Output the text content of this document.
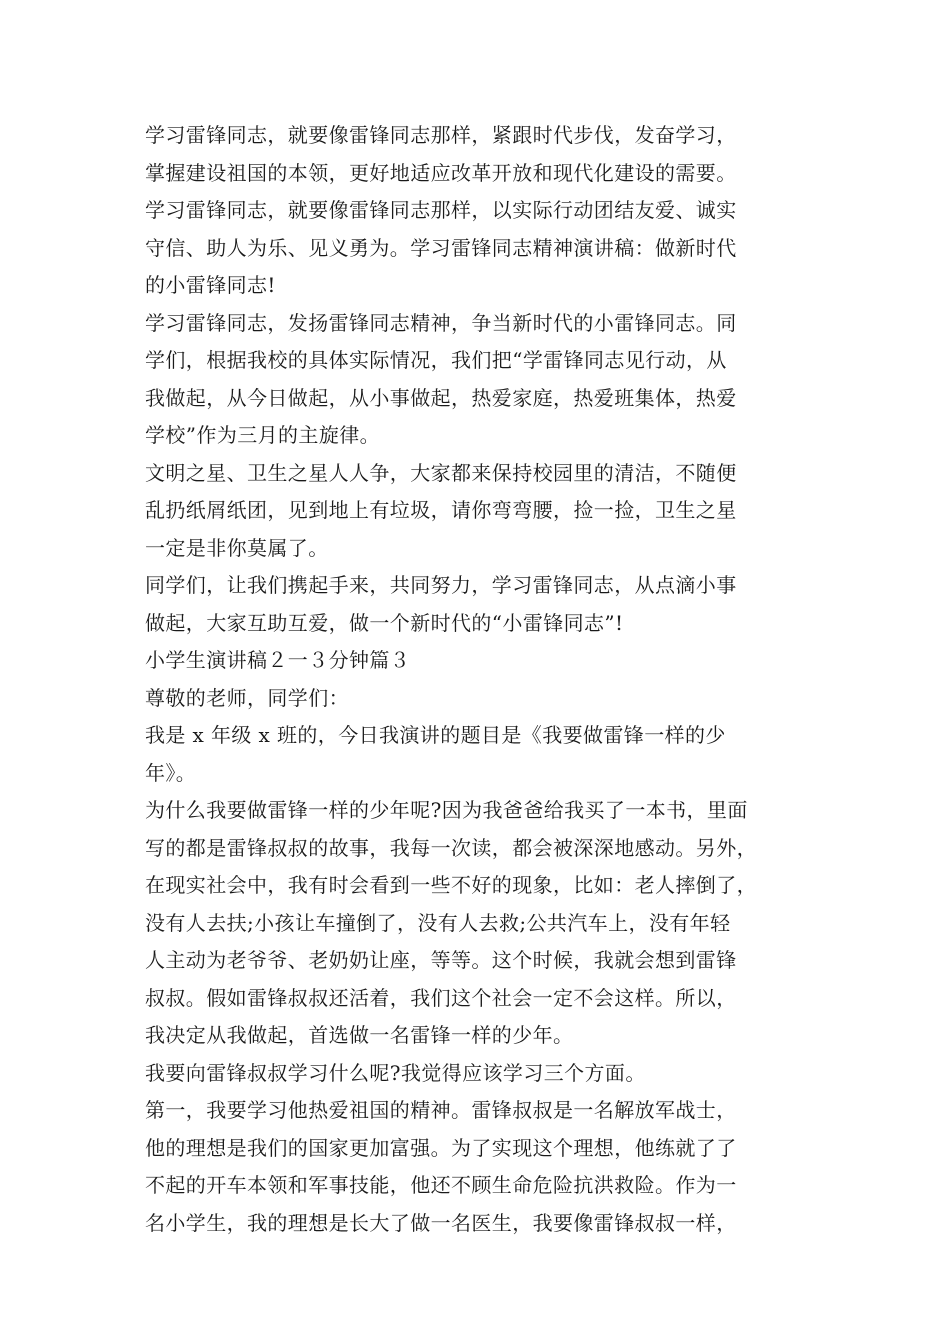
学习雷锋同志，就要像雷锋同志那样，紧跟时代步伐，发奋学习，
掌握建设祖国的本领，更好地适应改革开放和现代化建设的需要。
学习雷锋同志，就要像雷锋同志那样，以实际行动团结友爱、诚实
守信、助人为乐、见义勇为。学习雷锋同志精神演讲稿：做新时代
的小雷锋同志!
学习雷锋同志，发扬雷锋同志精神，争当新时代的小雷锋同志。同
学们，根据我校的具体实际情况，我们把“学雷锋同志见行动，从
我做起，从今日做起，从小事做起，热爱家庭，热爱班集体，热爱
学校”作为三月的主旋律。
文明之星、卫生之星人人争，大家都来保持校园里的清洁，不随便
乱扔纸屑纸团，见到地上有垃圾，请你弯弯腰，捡一捡，卫生之星
一定是非你莫属了。
同学们，让我们携起手来，共同努力，学习雷锋同志，从点滴小事
做起，大家互助互爱，做一个新时代的“小雷锋同志”!
小学生演讲稿２一３分钟篇３
尊敬的老师，同学们：
我是 x 年级 x 班的，今日我演讲的题目是《我要做雷锋一样的少
年》。
为什么我要做雷锋一样的少年呢?因为我爸爸给我买了一本书，里面
写的都是雷锋叔叔的故事，我每一次读，都会被深深地感动。另外，
在现实社会中，我有时会看到一些不好的现象，比如：老人摔倒了，
没有人去扶;小孩让车撞倒了，没有人去救;公共汽车上，没有年轻
人主动为老爷爷、老奶奶让座，等等。这个时候，我就会想到雷锋
叔叔。假如雷锋叔叔还活着，我们这个社会一定不会这样。所以，
我决定从我做起，首选做一名雷锋一样的少年。
我要向雷锋叔叔学习什么呢?我觉得应该学习三个方面。
第一，我要学习他热爱祖国的精神。雷锋叔叔是一名解放军战士，
他的理想是我们的国家更加富强。为了实现这个理想，他练就了了
不起的开车本领和军事技能，他还不顾生命危险抗洪救险。作为一
名小学生，我的理想是长大了做一名医生，我要像雷锋叔叔一样，
